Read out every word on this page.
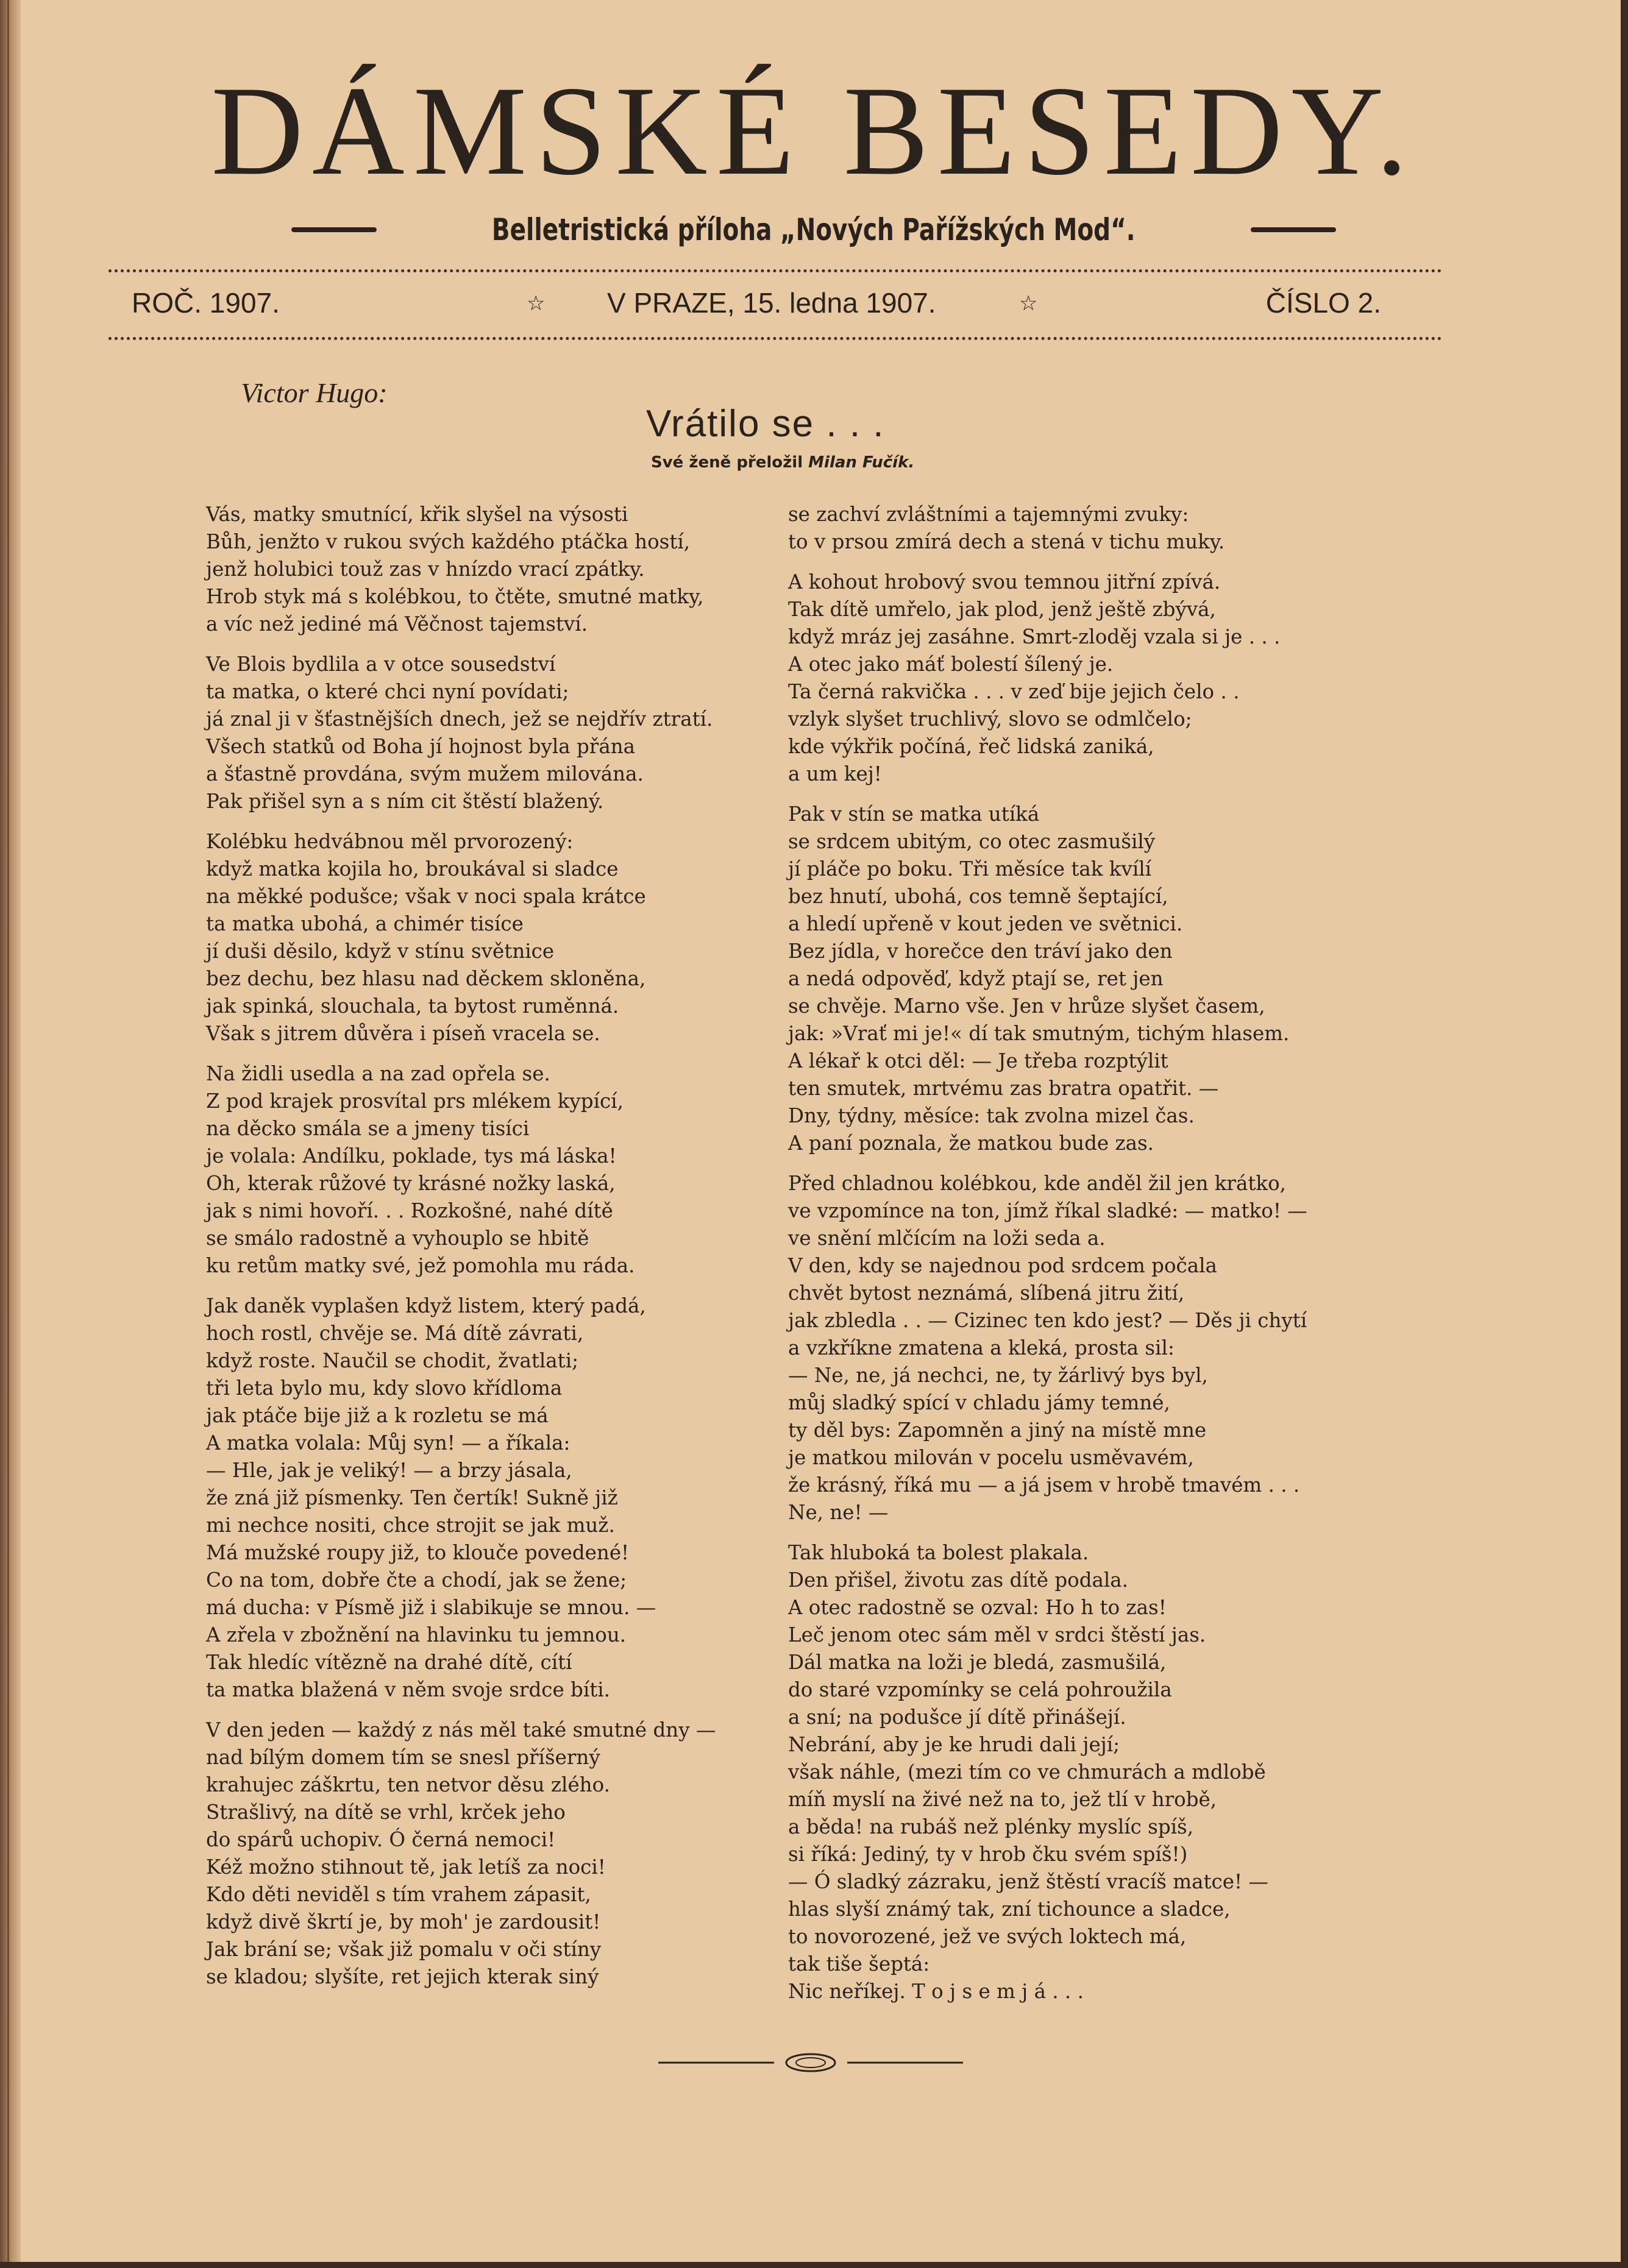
DÁMSKÉ BESEDY.
Belletristická příloha „Nových Pařížských Mod“.
ROČ. 1907.	☆ V PRAZE, 15. ledna 1907.	☆	ČÍSLO 2.
Victor Hugo:
Vrátilo se . . .
Své ženě přeložil Milan Fučík.
Vás, matky smutnící, křik slyšel na výsosti
Bůh, jenžto v rukou svých každého ptáčka hostí,
jenž holubici touž zas v hnízdo vrací zpátky.
Hrob styk má s kolébkou, to čtěte, smutné matky,
a víc než jediné má Věčnost tajemství.
Ve Blois bydlila a v otce sousedství
ta matka, o které chci nyní povídati;
já znal ji v šťastnějších dnech, jež se nejdřív ztratí.
Všech statků od Boha jí hojnost byla přána
a šťastně provdána, svým mužem milována.
Pak přišel syn a s ním cit štěstí blažený.
Kolébku hedvábnou měl prvorozený:
když matka kojila ho, broukával si sladce
na měkké podušce; však v noci spala krátce
ta matka ubohá, a chimér tisíce
jí duši děsilo, když v stínu světnice
bez dechu, bez hlasu nad děckem skloněna,
jak spinká, slouchala, ta bytost ruměnná.
Však s jitrem důvěra i píseň vracela se.
Na židli usedla a na zad opřela se.
Z pod krajek prosvítal prs mlékem kypící,
na děcko smála se a jmeny tisíci
je volala: Andílku, poklade, tys má láska!
Oh, kterak růžové ty krásné nožky laská,
jak s nimi hovoří. . . Rozkošné, nahé dítě
se smálo radostně a vyhouplo se hbitě
ku retům matky své, jež pomohla mu ráda.
Jak daněk vyplašen když listem, který padá,
hoch rostl, chvěje se. Má dítě závrati,
když roste. Naučil se chodit, žvatlati;
tři leta bylo mu, kdy slovo křídloma
jak ptáče bije již a k rozletu se má
A matka volala: Můj syn! — a říkala:
— Hle, jak je veliký! — a brzy jásala,
že zná již písmenky. Ten čertík! Sukně již
mi nechce nositi, chce strojit se jak muž.
Má mužské roupy již, to klouče povedené!
Co na tom, dobře čte a chodí, jak se žene;
má ducha: v Písmě již i slabikuje se mnou. —
A zřela v zbožnění na hlavinku tu jemnou.
Tak hledíc vítězně na drahé dítě, cítí
ta matka blažená v něm svoje srdce bíti.
V den jeden — každý z nás měl také smutné dny —
nad bílým domem tím se snesl příšerný
krahujec záškrtu, ten netvor děsu zlého.
Strašlivý, na dítě se vrhl, krček jeho
do spárů uchopiv. Ó černá nemoci!
Kéž možno stihnout tě, jak letíš za noci!
Kdo děti neviděl s tím vrahem zápasit,
když divě škrtí je, by moh' je zardousit!
Jak brání se; však již pomalu v oči stíny
se kladou; slyšíte, ret jejich kterak siný
se zachví zvláštními a tajemnými zvuky:
to v prsou zmírá dech a stená v tichu muky.
A kohout hrobový svou temnou jitřní zpívá.
Tak dítě umřelo, jak plod, jenž ještě zbývá,
když mráz jej zasáhne. Smrt-zloděj vzala si je . . .
A otec jako máť bolestí šílený je.
Ta černá rakvička . . . v zeď bije jejich čelo . .
vzlyk slyšet truchlivý, slovo se odmlčelo;
kde výkřik počíná, řeč lidská zaniká,
a um kej!
Pak v stín se matka utíká
se srdcem ubitým, co otec zasmušilý
jí pláče po boku. Tři měsíce tak kvílí
bez hnutí, ubohá, cos temně šeptající,
a hledí upřeně v kout jeden ve světnici.
Bez jídla, v horečce den tráví jako den
a nedá odpověď, když ptají se, ret jen
se chvěje. Marno vše. Jen v hrůze slyšet časem,
jak: »Vrať mi je!« dí tak smutným, tichým hlasem.
A lékař k otci děl: — Je třeba rozptýlit
ten smutek, mrtvému zas bratra opatřit. —
Dny, týdny, měsíce: tak zvolna mizel čas.
A paní poznala, že matkou bude zas.
Před chladnou kolébkou, kde anděl žil jen krátko,
ve vzpomínce na ton, jímž říkal sladké: — matko! —
ve snění mlčícím na loži seda a.
V den, kdy se najednou pod srdcem počala
chvět bytost neznámá, slíbená jitru žití,
jak zbledla . . — Cizinec ten kdo jest? — Děs ji chytí
a vzkříkne zmatena a kleká, prosta sil:
— Ne, ne, já nechci, ne, ty žárlivý bys byl,
můj sladký spící v chladu jámy temné,
ty děl bys: Zapomněn a jiný na místě mne
je matkou milován v pocelu usměvavém,
že krásný, říká mu — a já jsem v hrobě tmavém . . .
Ne, ne! —
Tak hluboká ta bolest plakala.
Den přišel, životu zas dítě podala.
A otec radostně se ozval: Ho h to zas!
Leč jenom otec sám měl v srdci štěstí jas.
Dál matka na loži je bledá, zasmušilá,
do staré vzpomínky se celá pohroužila
a sní; na podušce jí dítě přinášejí.
Nebrání, aby je ke hrudi dali její;
však náhle, (mezi tím co ve chmurách a mdlobě
míň myslí na živé než na to, jež tlí v hrobě,
a běda! na rubáš než plénky myslíc spíš,
si říká: Jediný, ty v hrob čku svém spíš!)
— Ó sladký zázraku, jenž štěstí vracíš matce! —
hlas slyší známý tak, zní tichounce a sladce,
to novorozené, jež ve svých loktech má,
tak tiše šeptá:
Nic neříkej. T o j s e m j á . . .
